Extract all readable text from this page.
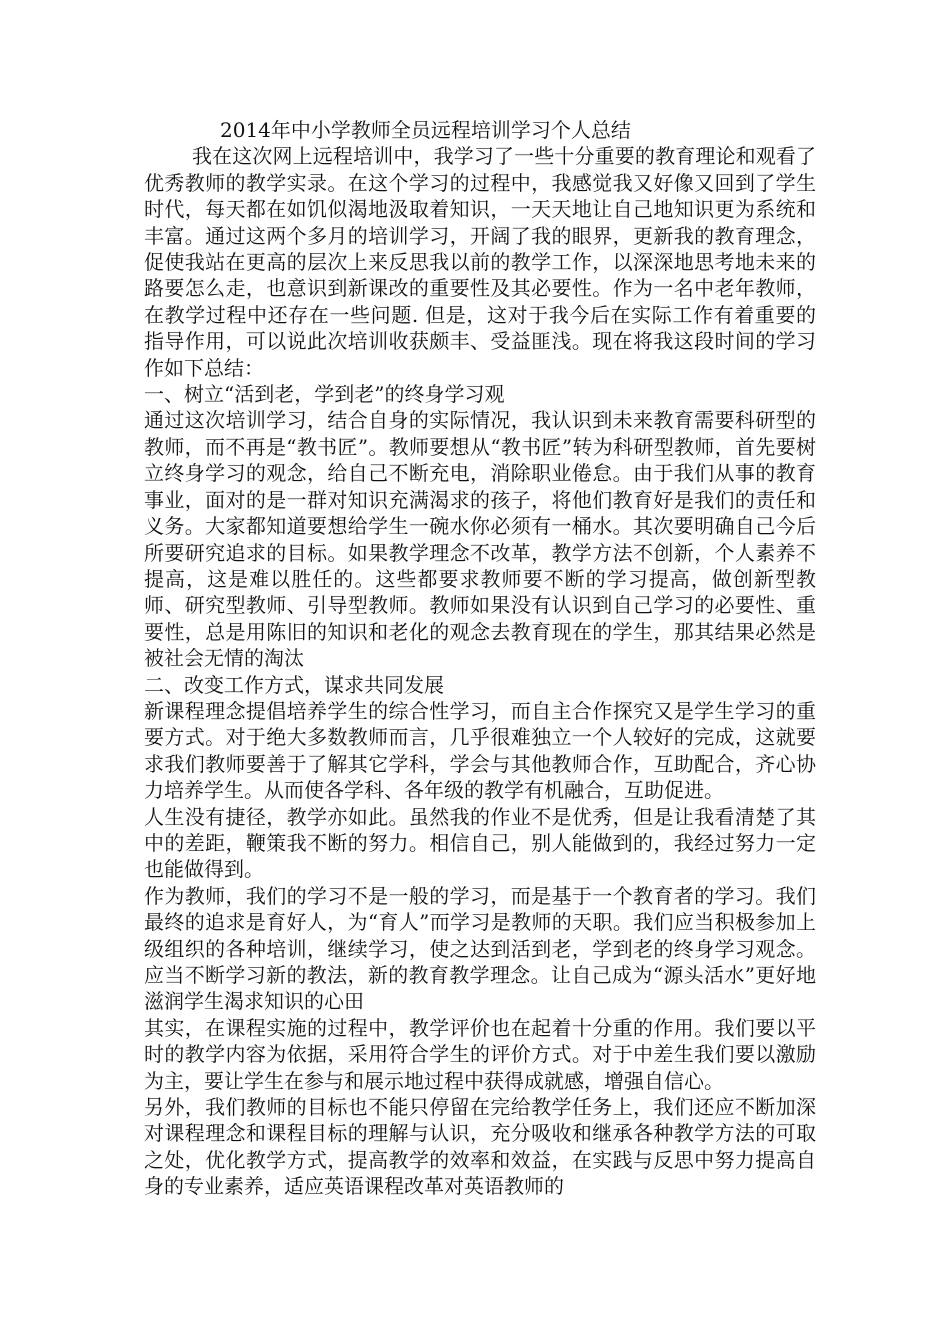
2014年中小学教师全员远程培训学习个人总结

我在这次网上远程培训中，我学习了一些十分重要的教育理论和观看了优秀教师的教学实录。在这个学习的过程中，我感觉我又好像又回到了学生时代，每天都在如饥似渴地汲取着知识，一天天地让自己地知识更为系统和丰富。通过这两个多月的培训学习，开阔了我的眼界，更新我的教育理念，促使我站在更高的层次上来反思我以前的教学工作，以深深地思考地未来的路要怎么走，也意识到新课改的重要性及其必要性。作为一名中老年教师，在教学过程中还存在一些问题. 但是，这对于我今后在实际工作有着重要的指导作用，可以说此次培训收获颇丰、受益匪浅。现在将我这段时间的学习作如下总结：

一、树立“活到老，学到老”的终身学习观

通过这次培训学习，结合自身的实际情况，我认识到未来教育需要科研型的教师，而不再是“教书匠”。教师要想从“教书匠”转为科研型教师，首先要树立终身学习的观念，给自己不断充电，消除职业倦怠。由于我们从事的教育事业，面对的是一群对知识充满渴求的孩子，将他们教育好是我们的责任和义务。大家都知道要想给学生一碗水你必须有一桶水。其次要明确自己今后所要研究追求的目标。如果教学理念不改革，教学方法不创新，个人素养不提高，这是难以胜任的。这些都要求教师要不断的学习提高，做创新型教师、研究型教师、引导型教师。教师如果没有认识到自己学习的必要性、重要性，总是用陈旧的知识和老化的观念去教育现在的学生，那其结果必然是被社会无情的淘汰

二、改变工作方式，谋求共同发展

新课程理念提倡培养学生的综合性学习，而自主合作探究又是学生学习的重要方式。对于绝大多数教师而言，几乎很难独立一个人较好的完成，这就要求我们教师要善于了解其它学科，学会与其他教师合作，互助配合，齐心协力培养学生。从而使各学科、各年级的教学有机融合，互助促进。

人生没有捷径，教学亦如此。虽然我的作业不是优秀，但是让我看清楚了其中的差距，鞭策我不断的努力。相信自己，别人能做到的，我经过努力一定也能做得到。

作为教师，我们的学习不是一般的学习，而是基于一个教育者的学习。我们最终的追求是育好人，为“育人”而学习是教师的天职。我们应当积极参加上级组织的各种培训，继续学习，使之达到活到老，学到老的终身学习观念。应当不断学习新的教法，新的教育教学理念。让自己成为“源头活水”更好地滋润学生渴求知识的心田

其实，在课程实施的过程中，教学评价也在起着十分重的作用。我们要以平时的教学内容为依据，采用符合学生的评价方式。对于中差生我们要以激励为主，要让学生在参与和展示地过程中获得成就感，增强自信心。

另外，我们教师的目标也不能只停留在完给教学任务上，我们还应不断加深对课程理念和课程目标的理解与认识，充分吸收和继承各种教学方法的可取之处，优化教学方式，提高教学的效率和效益，在实践与反思中努力提高自身的专业素养，适应英语课程改革对英语教师的
